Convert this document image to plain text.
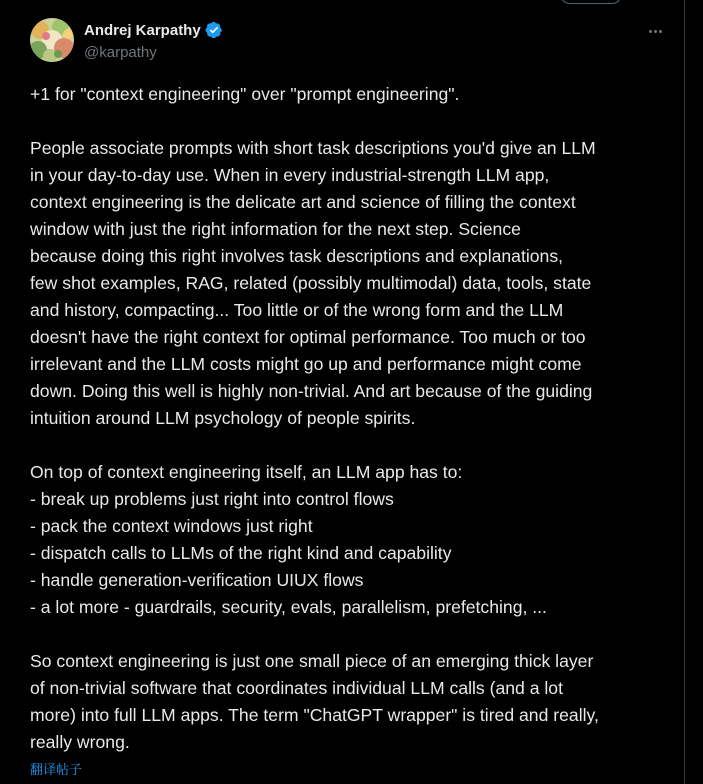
Andrej Karpathy
@karpathy

+1 for "context engineering" over "prompt engineering".

People associate prompts with short task descriptions you'd give an LLM

in your day-to-day use. When in every industrial-strength LLM app,

context engineering is the delicate art and science of filling the context

window with just the right information for the next step. Science

because doing this right involves task descriptions and explanations,

few shot examples, RAG, related (possibly multimodal) data, tools, state

and history, compacting... Too little or of the wrong form and the LLM

doesn't have the right context for optimal performance. Too much or too

irrelevant and the LLM costs might go up and performance might come

down. Doing this well is highly non-trivial. And art because of the guiding

intuition around LLM psychology of people spirits.

On top of context engineering itself, an LLM app has to:

- break up problems just right into control flows

- pack the context windows just right

- dispatch calls to LLMs of the right kind and capability

- handle generation-verification UIUX flows

- a lot more - guardrails, security, evals, parallelism, prefetching, ...

So context engineering is just one small piece of an emerging thick layer

of non-trivial software that coordinates individual LLM calls (and a lot

more) into full LLM apps. The term "ChatGPT wrapper" is tired and really,

really wrong.

翻译帖子
